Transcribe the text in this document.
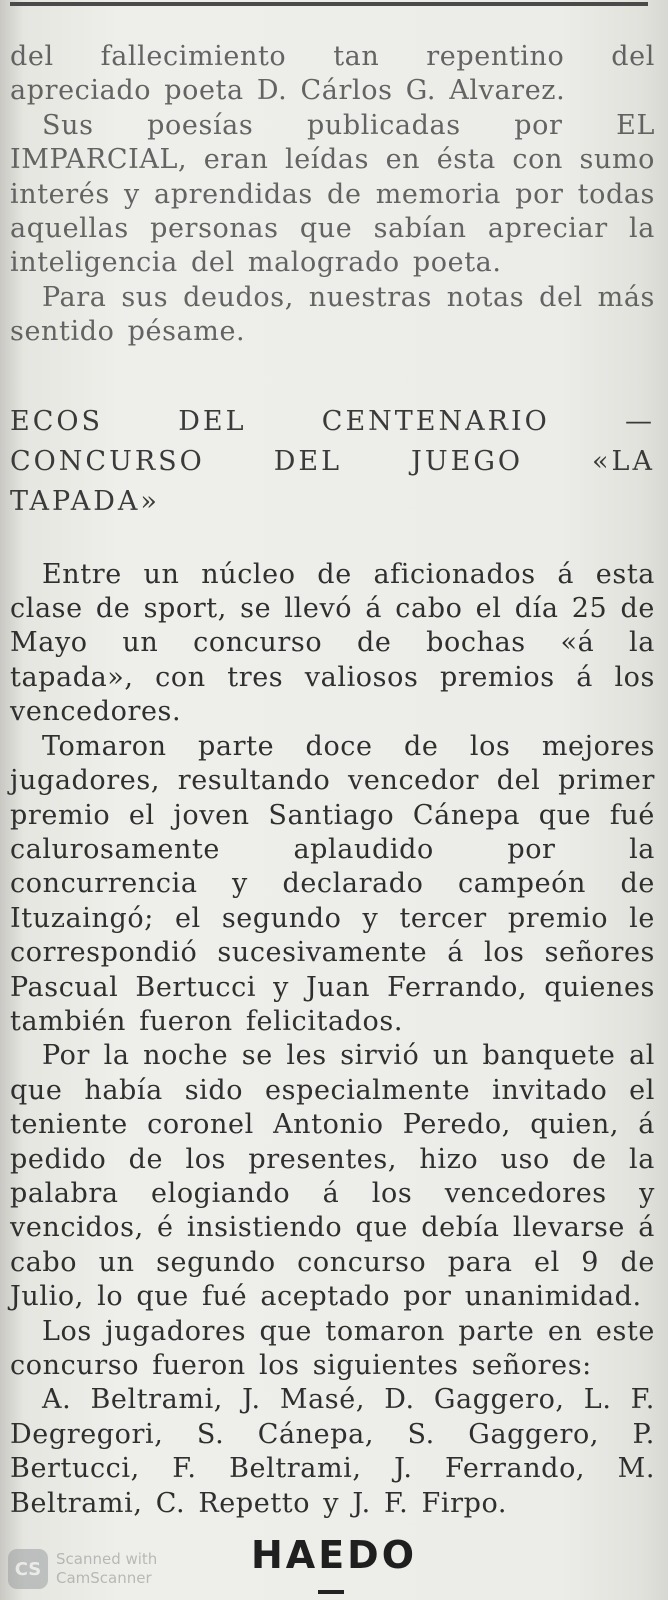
del fallecimiento tan repentino del apreciado poeta D. Cárlos G. Alvarez.

Sus poesías publicadas por EL IMPARCIAL, eran leídas en ésta con sumo interés y aprendidas de memoria por todas aquellas personas que sabían apreciar la inteligencia del malogrado poeta.

Para sus deudos, nuestras notas del más sentido pésame.

ECOS DEL CENTENARIO — CONCURSO DEL JUEGO «LA TAPADA»

Entre un núcleo de aficionados á esta clase de sport, se llevó á cabo el día 25 de Mayo un concurso de bochas «á la tapada», con tres valiosos premios á los vencedores.

Tomaron parte doce de los mejores jugadores, resultando vencedor del primer premio el joven Santiago Cánepa que fué calurosamente aplaudido por la concurrencia y declarado campeón de Ituzaingó; el segundo y tercer premio le correspondió sucesivamente á los señores Pascual Bertucci y Juan Ferrando, quienes también fueron felicitados.

Por la noche se les sirvió un banquete al que había sido especialmente invitado el teniente coronel Antonio Peredo, quien, á pedido de los presentes, hizo uso de la palabra elogiando á los vencedores y vencidos, é insistiendo que debía llevarse á cabo un segundo concurso para el 9 de Julio, lo que fué aceptado por unanimidad.

Los jugadores que tomaron parte en este concurso fueron los siguientes señores:

A. Beltrami, J. Masé, D. Gaggero, L. F. Degregori, S. Cánepa, S. Gaggero, P. Bertucci, F. Beltrami, J. Ferrando, M. Beltrami, C. Repetto y J. F. Firpo.

HAEDO
CS Scanned with
CamScanner
